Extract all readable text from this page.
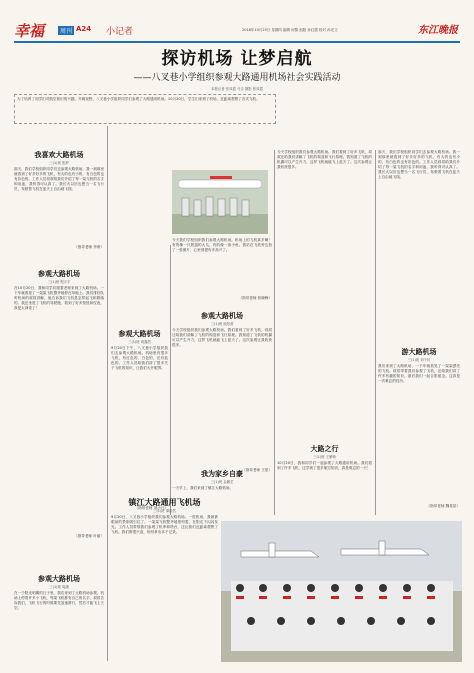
幸福	周刊 A24 小记者	2018年10月25日 星期四 编辑 何黎 组版 孙红霞 校对 孙光文	东江晚报
探访机场 让梦启航
——八叉巷小学组织参观大路通用机场社会实践活动
本报记者 张凤霞 马吉 摄影 张凤霞
为了培养了同学们对航空知识的兴趣，开阔视野，八叉巷小学组织同学们参观了大路通用机场。10月20日，学生们来到了机场，近距离观察了各式飞机。
我喜欢大路机场
三(1)班 张舒
那天，我们学校组织同学们去参观大路机场。我一到那里就看到了好多好多的飞机，有大的也有小的，有白色的也有彩色的。工作人员叔叔给我们介绍了每一架飞机的名字和用途，我听得可认真了。我长大以后也想当一名飞行员，驾驶着飞机在蓝天上自由地飞翔。
（指导老师 李涛）
参观大路机场
三(1)班 程天宇
在10月20日，我和同学们跟着老师来到了大路机场。一下车就看见了一架架飞机整齐地停在草地上。我们排好队听机场的叔叔讲解，他告诉我们飞机是怎样起飞和降落的。我还坐进了飞机的驾驶舱，看到了好多按钮和仪表，真是太神奇了！
（指导老师 叶丽）
参观大路机场
三(1)班 周涵
在一个阳光明媚的日子里，我们来到了大路机场参观。机场上停着许多小飞机，每架飞机都有自己的名字。叔叔告诉我们，飞机飞行的时候要先加速滑行，然后才能飞上天空。
参观大路机场
三(1)班 周鑫然
9月20日下午，八叉巷小学组织我们去参观大路机场。机场里有很多飞机，有红色的、白色的，还有蓝色的。工作人员给我们讲了很多关于飞机的知识，让我们大开眼界。
（指导老师 刘小凡）
今天我们学校组织我们参观大路机场。机场上的飞机真多啊！有的像一只展翅的大鸟，有的像一条小鱼。我站在飞机旁边拍了一张照片，心里别提有多高兴了。
（指导老师 张晓梅）
参观大路机场
三(1)班 欧阳萱
今天学校组织我们参观大路机场。我们看到了好多飞机，叔叔还给我们讲解了飞机的构造和飞行原理。我知道了飞机的机翼可以产生升力，这样飞机就能飞上蓝天了。这次参观让我收获很多。
（指导老师 王星）
我为家乡自豪
三(1)班 金鹏艺
一天早上，我们来到了镇江大路机场。
镇江大路通用飞机场
三(1)班 谭泰然
9月20日，八叉巷小学组织我们参观大路机场。一进机场，我就被眼前的景象吸引住了。一架架飞机整齐地排列着，在阳光下闪闪发光。工作人员带领我们参观了机库和塔台，还让我们近距离观察了飞机。我们都很兴奋，纷纷拿出本子记录。
今天学校组织我们参观大路机场。我们看到了好多飞机，叔叔还给我们讲解了飞机的构造和飞行原理。我知道了飞机的机翼可以产生升力，这样飞机就能飞上蓝天了。这次参观让我收获很多。
大路之行
三(1)班 王紫萌
10月20日，我和同学们一起参观了大路通用机场。我们看到了许多飞机，还学到了很多航空知识，真是难忘的一天！
那天，我们学校组织同学们去参观大路机场。我一到那里就看到了好多好多的飞机，有大的也有小的，有白色的也有彩色的。工作人员叔叔给我们介绍了每一架飞机的名字和用途，我听得可认真了。我长大以后也想当一名飞行员，驾驶着飞机在蓝天上自由地飞翔。
游大路机场
三(1)班 刘子轩
我们来到了大路机场，一下车就看见了一架架漂亮的飞机。叔叔带着我们参观了飞机，还给我们讲了许多有趣的知识。最后我们一起合影留念。这真是一次难忘的经历。
（指导老师 魏星星）
